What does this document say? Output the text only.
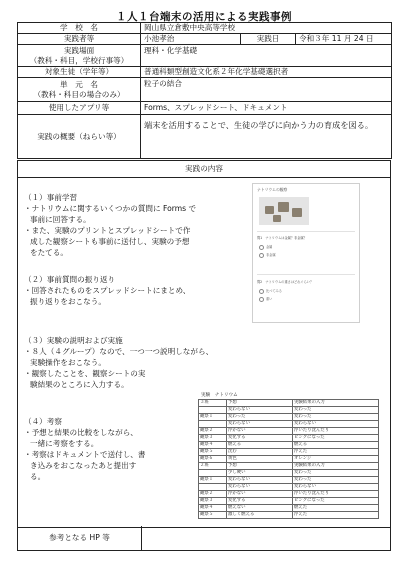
１人１台端末の活用による実践事例
学　校　名	岡山県立倉敷中央高等学校		
実践者等	小池孝治	実践日	令和３年 11 月 24 日

実践場面
（教科・科目，学校行事等）	理科・化学基礎		
対象生徒（学年等）	普通科類型創造文化系２年化学基礎選択者		

単　元　名
（教科・科目の場合のみ）	粒子の結合		
使用したアプリ等	Forms、スプレッドシート、ドキュメント		
実践の概要（ねらい等）	端末を活用することで、生徒の学びに向かう力の育成を図る。		
実践の内容

（１）事前学習

・ナトリウムに関するいくつかの質問に Forms で
事前に回答する。

・また、実験のプリントとスプレッドシートで作
成した観察シートも事前に送付し、実験の予想
をたてる。

（２）事前質問の振り返り

・回答されたものをスプレッドシートにまとめ、
振り返りをおこなう。

（３）実験の説明および実施

・８人（４グループ）なので、一つ一つ説明しながら、
実験操作をおこなう。

・観察したことを、観察シートの実
験結果のところに入力する。

（４）考察

・予想と結果の比較をしながら、
一緒に考察をする。

・考察はドキュメントで送付し、書
き込みをおこなったあと提出す
る。

ナトリウムの観察
問1　ナトリウムは金属？非金属？
金属
非金属
問2　ナトリウムの重さはどれぐらい？
比べてみる
重い
実験　ナトリウム
３班	予想	実験結果の入力
	変わらない	変わった
観察１	変わった	変わった
	変わらない	変わらない
観察２	浮かない	浮いたり沈んだり
観察３	変化する	ピンクになった
観察４	燃える	燃える
観察５	沈む	浮えた
観察６	黄色	オレンジ
２班	予想	実験結果の入力
	少し硬い	変わった
観察１	変わらない	変わった
	変わらない	変わらない
観察２	浮かない	浮いたり沈んだり
観察３	変化する	ピンクになった
観察４	燃えない	燃えた
観察５	激しく燃える	浮えた
参考となる HP 等
